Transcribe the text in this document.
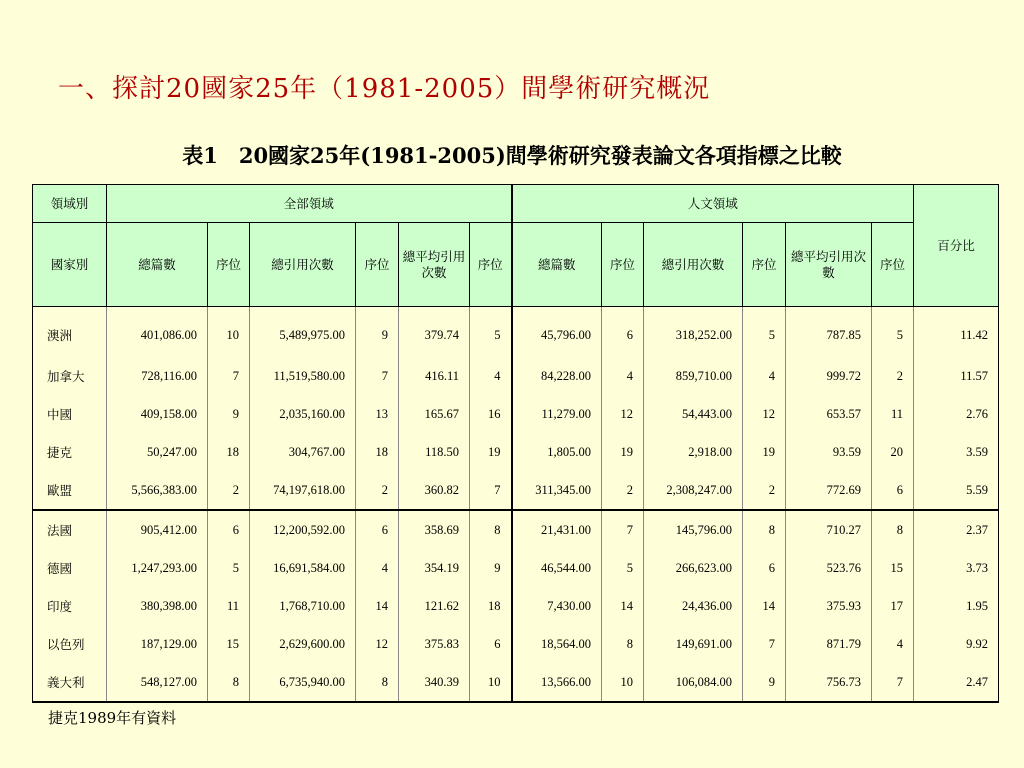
一、探討20國家25年（1981-2005）間學術研究概況
表1　20國家25年(1981-2005)間學術研究發表論文各項指標之比較
領域別	全部領域						人文領域						百分比
國家別	總篇數	序位	總引用次數	序位	總平均引用次數	序位	總篇數	序位	總引用次數	序位	總平均引用次數	序位	
澳洲	401,086.00	10	5,489,975.00	9	379.74	5	45,796.00	6	318,252.00	5	787.85	5	11.42
加拿大	728,116.00	7	11,519,580.00	7	416.11	4	84,228.00	4	859,710.00	4	999.72	2	11.57
中國	409,158.00	9	2,035,160.00	13	165.67	16	11,279.00	12	54,443.00	12	653.57	11	2.76
捷克	50,247.00	18	304,767.00	18	118.50	19	1,805.00	19	2,918.00	19	93.59	20	3.59
歐盟	5,566,383.00	2	74,197,618.00	2	360.82	7	311,345.00	2	2,308,247.00	2	772.69	6	5.59
法國	905,412.00	6	12,200,592.00	6	358.69	8	21,431.00	7	145,796.00	8	710.27	8	2.37
德國	1,247,293.00	5	16,691,584.00	4	354.19	9	46,544.00	5	266,623.00	6	523.76	15	3.73
印度	380,398.00	11	1,768,710.00	14	121.62	18	7,430.00	14	24,436.00	14	375.93	17	1.95
以色列	187,129.00	15	2,629,600.00	12	375.83	6	18,564.00	8	149,691.00	7	871.79	4	9.92
義大利	548,127.00	8	6,735,940.00	8	340.39	10	13,566.00	10	106,084.00	9	756.73	7	2.47
捷克1989年有資料
